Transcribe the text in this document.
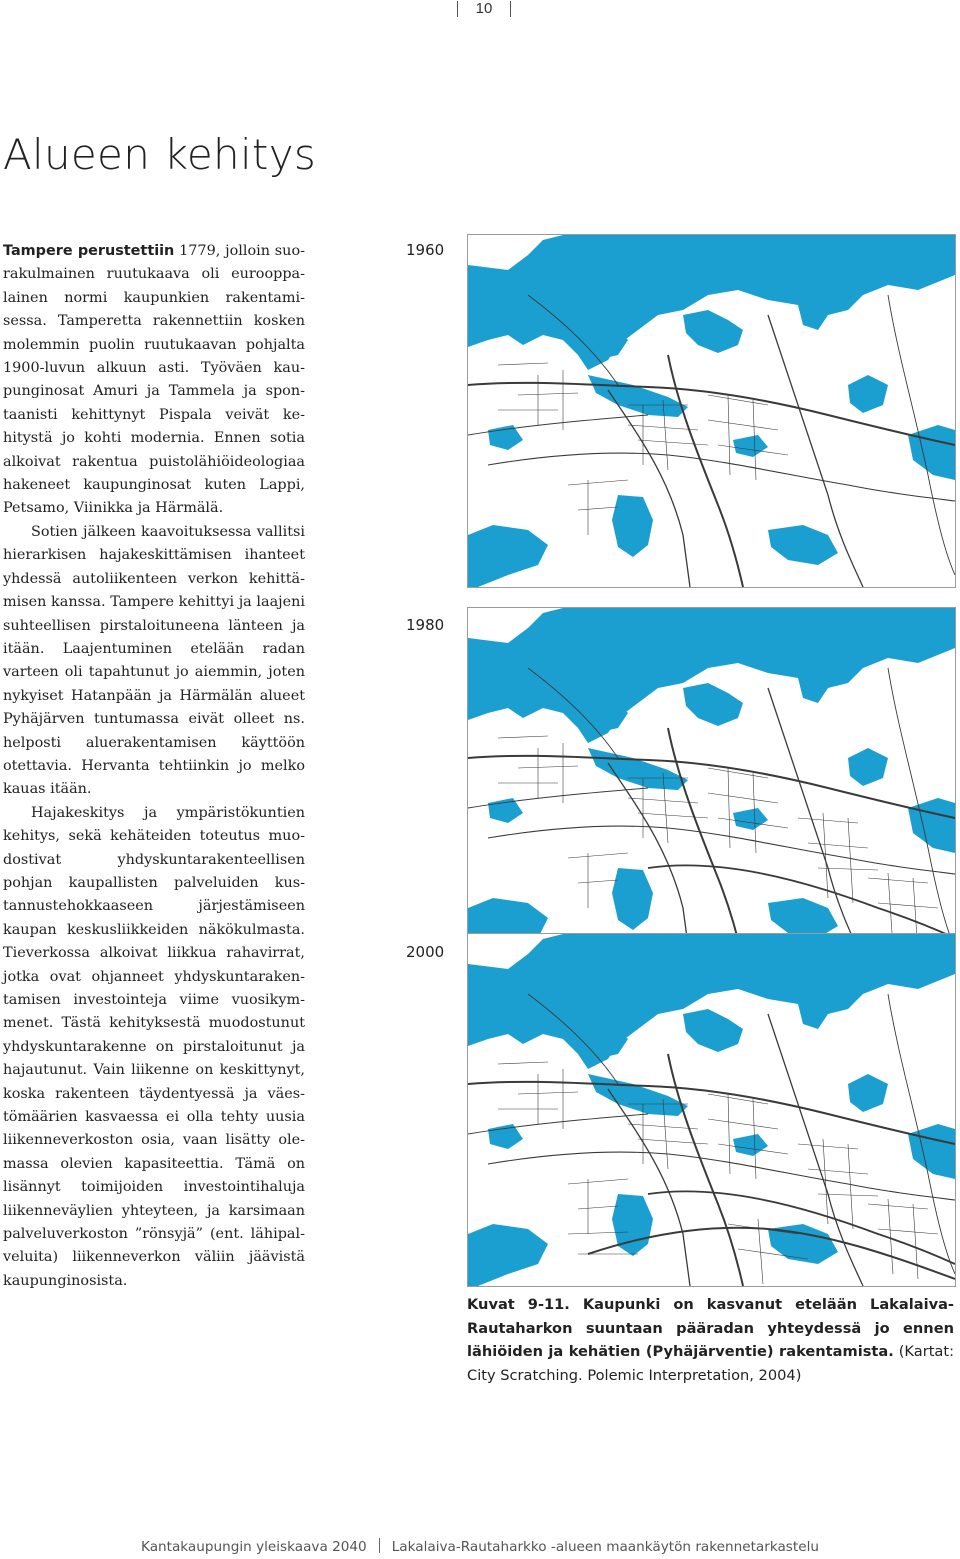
10
Alueen kehitys

Tampere perustettiin 1779, jolloin suorakulmainen ruutukaava oli eurooppalainen normi kaupunkien rakentamisessa. Tamperetta rakennettiin kosken molemmin puolin ruutukaavan pohjalta 1900-luvun alkuun asti. Työväen kaupunginosat Amuri ja Tammela ja spontaanisti kehittynyt Pispala veivät kehitystä jo kohti modernia. Ennen sotia alkoivat rakentua puistolähiöideologiaa hakeneet kaupunginosat kuten Lappi, Petsamo, Viinikka ja Härmälä.

Sotien jälkeen kaavoituksessa vallitsi hierarkisen hajakeskittämisen ihanteet yhdessä autoliikenteen verkon kehittämisen kanssa. Tampere kehittyi ja laajeni suhteellisen pirstaloituneena länteen ja itään. Laajentuminen etelään radan varteen oli tapahtunut jo aiemmin, joten nykyiset Hatanpään ja Härmälän alueet Pyhäjärven tuntumassa eivät olleet ns. helposti aluerakentamisen käyttöön otettavia. Hervanta tehtiinkin jo melko kauas itään.

Hajakeskitys ja ympäristökuntien kehitys, sekä kehäteiden toteutus muodostivat yhdyskuntarakenteellisen pohjan kaupallisten palveluiden kustannustehokkaaseen järjestämiseen kaupan keskusliikkeiden näkökulmasta. Tieverkossa alkoivat liikkua rahavirrat, jotka ovat ohjanneet yhdyskuntarakentamisen investointeja viime vuosikymmenet. Tästä kehityksestä muodostunut yhdyskuntarakenne on pirstaloitunut ja hajautunut. Vain liikenne on keskittynyt, koska rakenteen täydentyessä ja väestömäärien kasvaessa ei olla tehty uusia liikenneverkoston osia, vaan lisätty olemassa olevien kapasiteettia. Tämä on lisännyt toimijoiden investointihaluja liikenneväylien yhteyteen, ja karsimaan palveluverkoston ”rönsyjä” (ent. lähipalveluita) liikenneverkon väliin jäävistä kaupunginosista.

1960
1980
2000
Kuvat 9-11. Kaupunki on kasvanut etelään Lakalaiva-Rautaharkon suuntaan pääradan yhteydessä jo ennen lähiöiden ja kehätien (Pyhäjärventie) rakentamista. (Kartat: City Scratching. Polemic Interpretation, 2004)
Kantakaupungin yleiskaava 2040 Lakalaiva-Rautaharkko -alueen maankäytön rakennetarkastelu
